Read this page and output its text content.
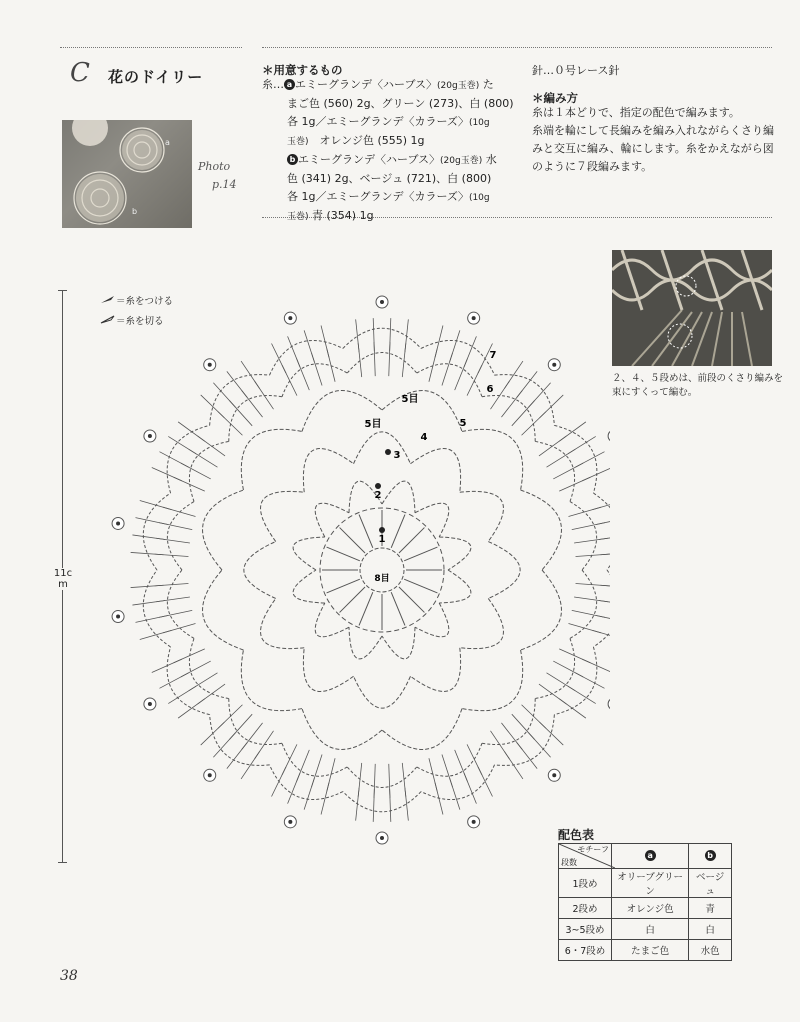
C 花のドイリー
a
b
Photo
p.14
＊用意するもの
糸… a エミーグランデ〈ハーブス〉(20g玉巻) た
まご色 (560) 2g、グリーン (273)、白 (800)
各 1g／エミーグランデ〈カラーズ〉(10g
玉巻)　オレンジ色 (555) 1g
b エミーグランデ〈ハーブス〉(20g玉巻) 水
色 (341) 2g、ベージュ (721)、白 (800)
各 1g／エミーグランデ〈カラーズ〉(10g
玉巻) 青 (354) 1g
針…０号レース針
＊編み方
糸は１本どりで、指定の配色で編みます。
糸端を輪にして長編みを編み入れながらくさり編
みと交互に編み、輪にします。糸をかえながら図
のように７段編みます。
＝糸をつける
＝糸を切る
11cm
２、４、５段めは、前段のくさり編みを
束にすくって編む。
8目
5目
5目
1
2
3
4
5
6
7
配色表
モチーフ
段数	a	b
1段め	オリーブグリーン	ベージュ
2段め	オレンジ色	青
3~5段め	白	白
6・7段め	たまご色	水色
38
